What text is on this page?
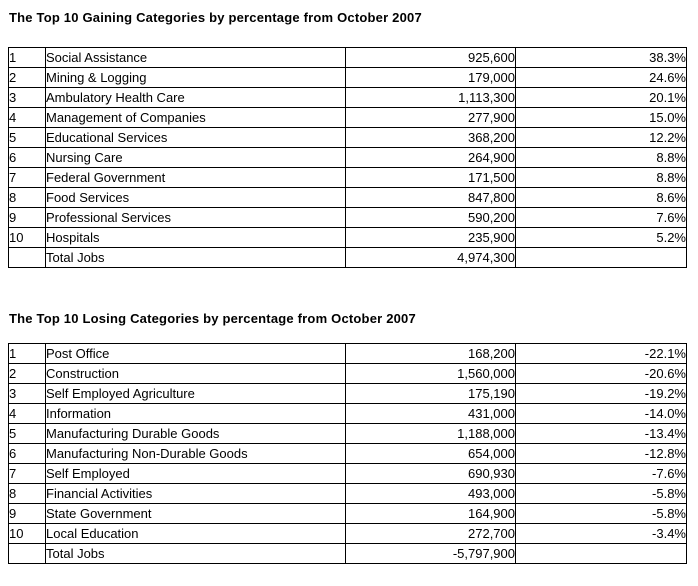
The Top 10 Gaining Categories by percentage from October 2007
1	Social Assistance	925,600	38.3%
2	Mining & Logging	179,000	24.6%
3	Ambulatory Health Care	1,113,300	20.1%
4	Management of Companies	277,900	15.0%
5	Educational Services	368,200	12.2%
6	Nursing Care	264,900	8.8%
7	Federal Government	171,500	8.8%
8	Food Services	847,800	8.6%
9	Professional Services	590,200	7.6%
10	Hospitals	235,900	5.2%
	Total Jobs	4,974,300	
The Top 10 Losing Categories by percentage from October 2007
1	Post Office	168,200	-22.1%
2	Construction	1,560,000	-20.6%
3	Self Employed Agriculture	175,190	-19.2%
4	Information	431,000	-14.0%
5	Manufacturing Durable Goods	1,188,000	-13.4%
6	Manufacturing Non-Durable Goods	654,000	-12.8%
7	Self Employed	690,930	-7.6%
8	Financial Activities	493,000	-5.8%
9	State Government	164,900	-5.8%
10	Local Education	272,700	-3.4%
	Total Jobs	-5,797,900	
